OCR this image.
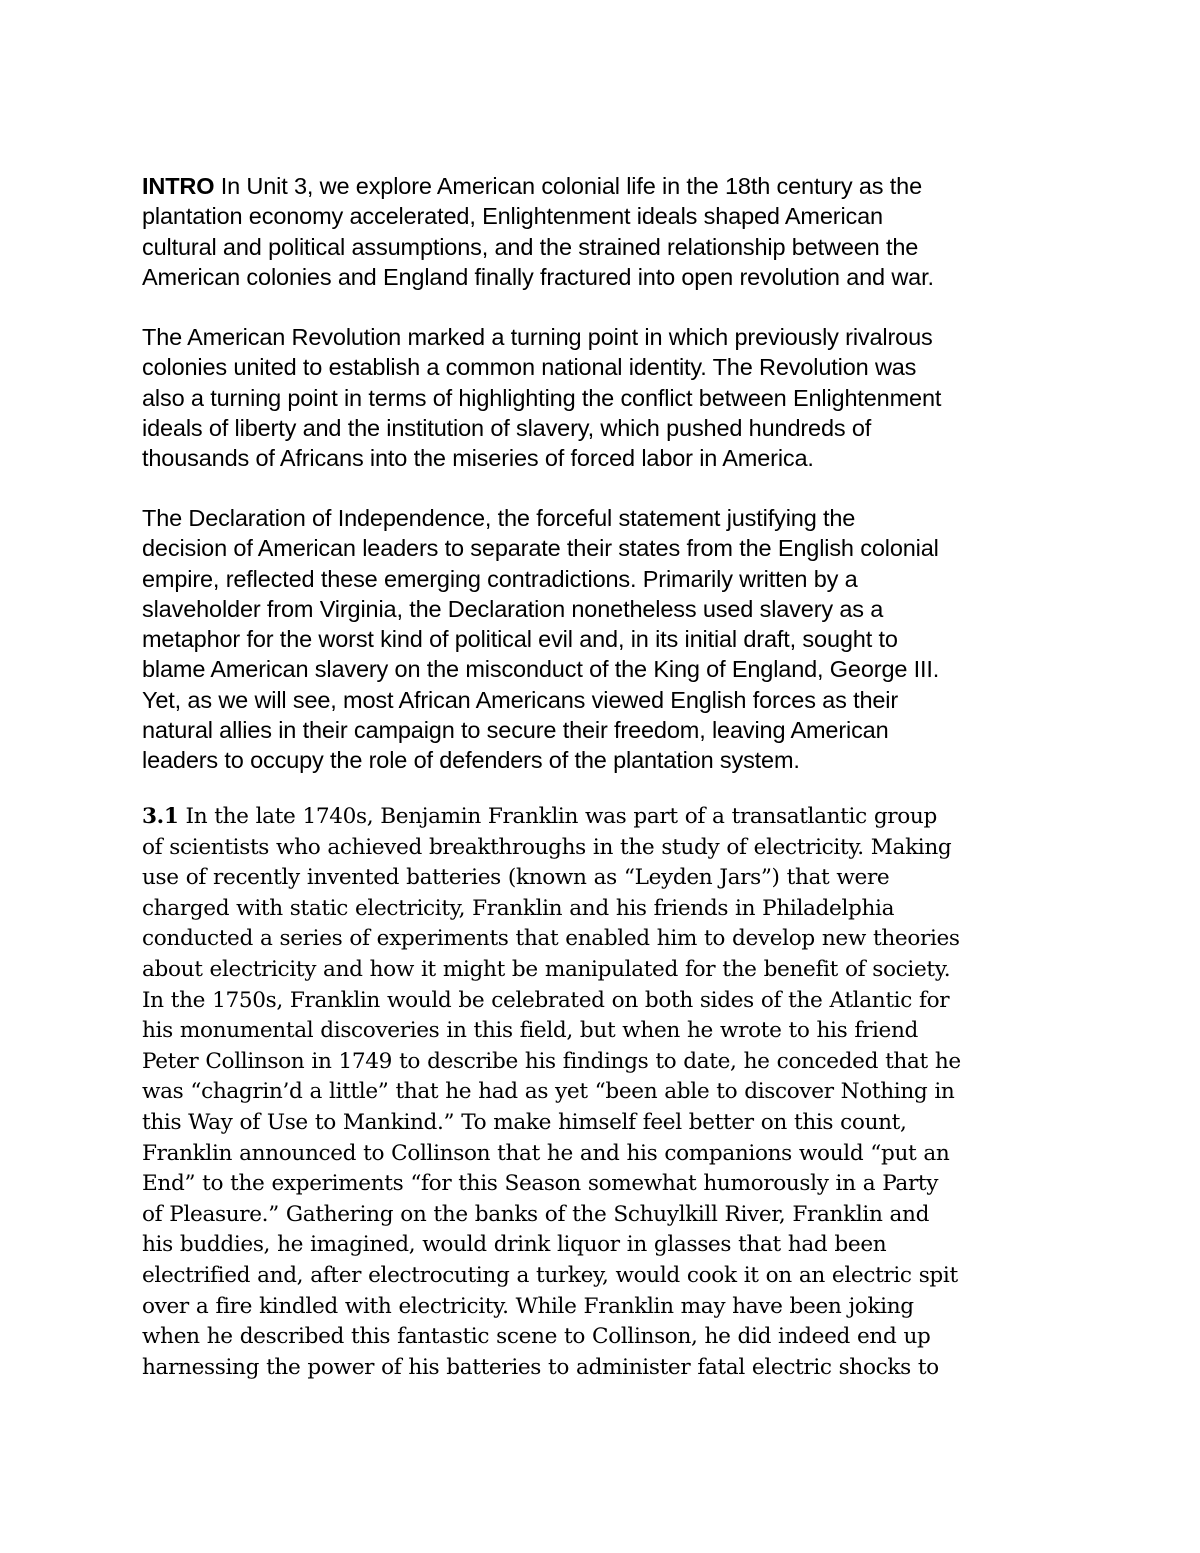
INTRO In Unit 3, we explore American colonial life in the 18th century as the
plantation economy accelerated, Enlightenment ideals shaped American
cultural and political assumptions, and the strained relationship between the
American colonies and England finally fractured into open revolution and war.

The American Revolution marked a turning point in which previously rivalrous
colonies united to establish a common national identity. The Revolution was
also a turning point in terms of highlighting the conflict between Enlightenment
ideals of liberty and the institution of slavery, which pushed hundreds of
thousands of Africans into the miseries of forced labor in America.

The Declaration of Independence, the forceful statement justifying the
decision of American leaders to separate their states from the English colonial
empire, reflected these emerging contradictions. Primarily written by a
slaveholder from Virginia, the Declaration nonetheless used slavery as a
metaphor for the worst kind of political evil and, in its initial draft, sought to
blame American slavery on the misconduct of the King of England, George III.
Yet, as we will see, most African Americans viewed English forces as their
natural allies in their campaign to secure their freedom, leaving American
leaders to occupy the role of defenders of the plantation system.

3.1 In the late 1740s, Benjamin Franklin was part of a transatlantic group
of scientists who achieved breakthroughs in the study of electricity. Making
use of recently invented batteries (known as “Leyden Jars”) that were
charged with static electricity, Franklin and his friends in Philadelphia
conducted a series of experiments that enabled him to develop new theories
about electricity and how it might be manipulated for the benefit of society.
In the 1750s, Franklin would be celebrated on both sides of the Atlantic for
his monumental discoveries in this field, but when he wrote to his friend
Peter Collinson in 1749 to describe his findings to date, he conceded that he
was “chagrin’d a little” that he had as yet “been able to discover Nothing in
this Way of Use to Mankind.” To make himself feel better on this count,
Franklin announced to Collinson that he and his companions would “put an
End” to the experiments “for this Season somewhat humorously in a Party
of Pleasure.” Gathering on the banks of the Schuylkill River, Franklin and
his buddies, he imagined, would drink liquor in glasses that had been
electrified and, after electrocuting a turkey, would cook it on an electric spit
over a fire kindled with electricity. While Franklin may have been joking
when he described this fantastic scene to Collinson, he did indeed end up
harnessing the power of his batteries to administer fatal electric shocks to
